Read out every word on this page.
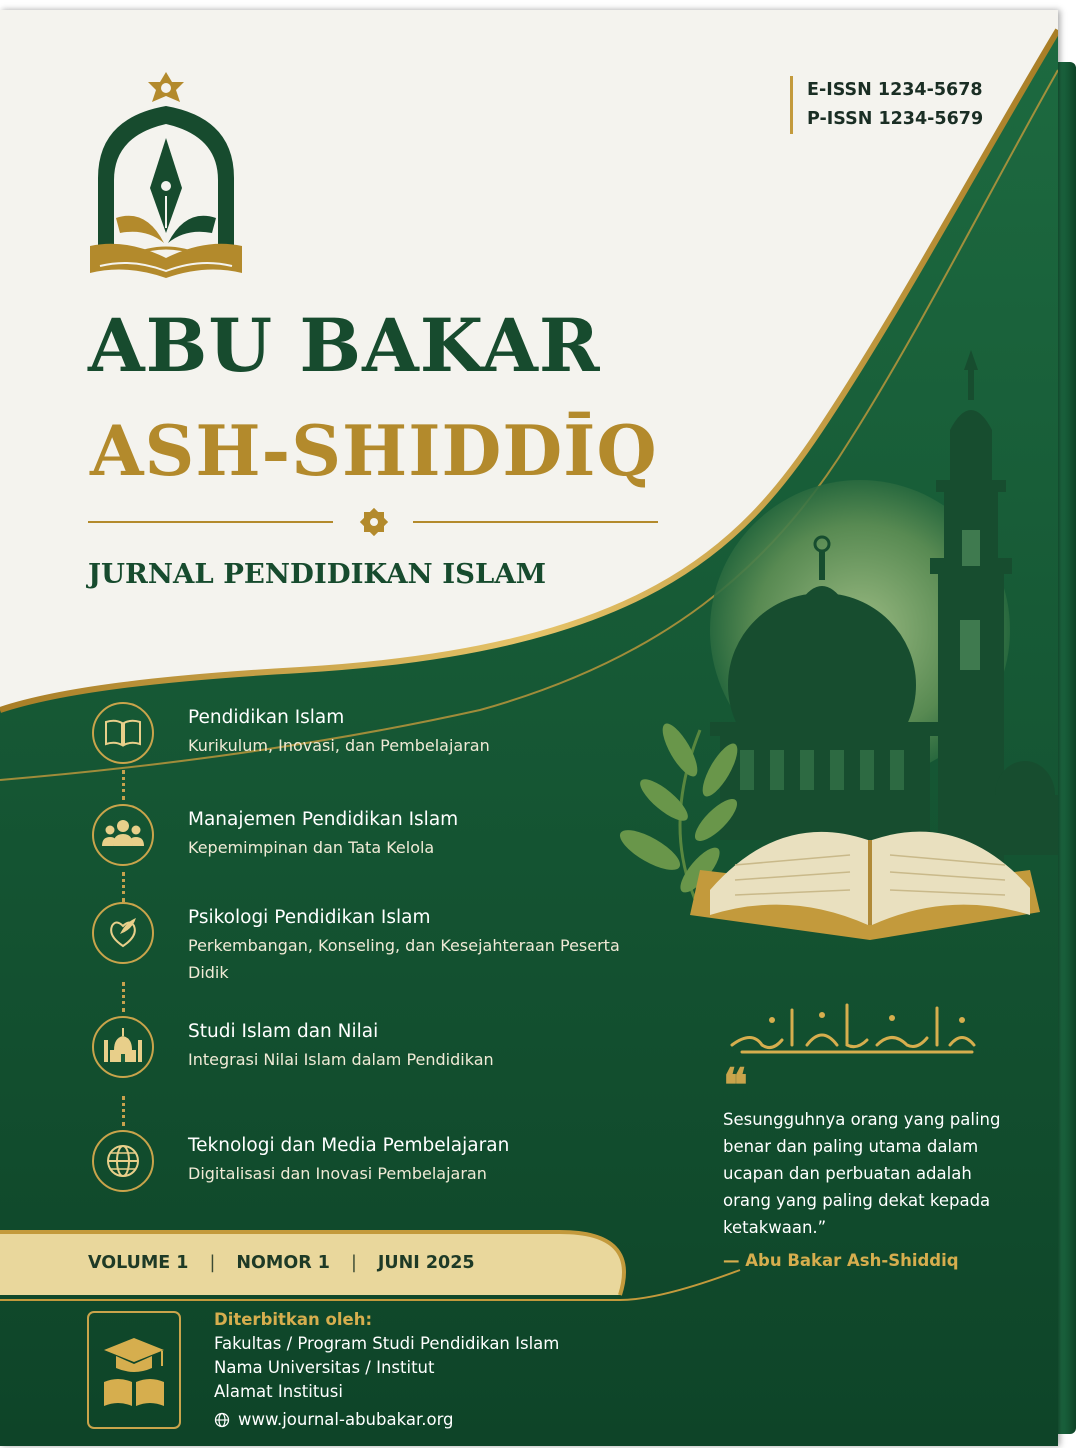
E-ISSN 1234-5678
P-ISSN 1234-5679
ABU BAKAR
ASH-SHIDDĪQ
JURNAL PENDIDIKAN ISLAM
Pendidikan Islam
Kurikulum, Inovasi, dan Pembelajaran
Manajemen Pendidikan Islam
Kepemimpinan dan Tata Kelola
Psikologi Pendidikan Islam
Perkembangan, Konseling, dan Kesejahteraan Peserta Didik
Studi Islam dan Nilai
Integrasi Nilai Islam dalam Pendidikan
Teknologi dan Media Pembelajaran
Digitalisasi dan Inovasi Pembelajaran
VOLUME 1 | NOMOR 1 | JUNI 2025
Diterbitkan oleh:
Fakultas / Program Studi Pendidikan Islam
Nama Universitas / Institut
Alamat Institusi
www.journal-abubakar.org
❝
Sesungguhnya orang yang paling benar dan paling utama dalam ucapan dan perbuatan adalah orang yang paling dekat kepada ketakwaan.”
— Abu Bakar Ash-Shiddiq
